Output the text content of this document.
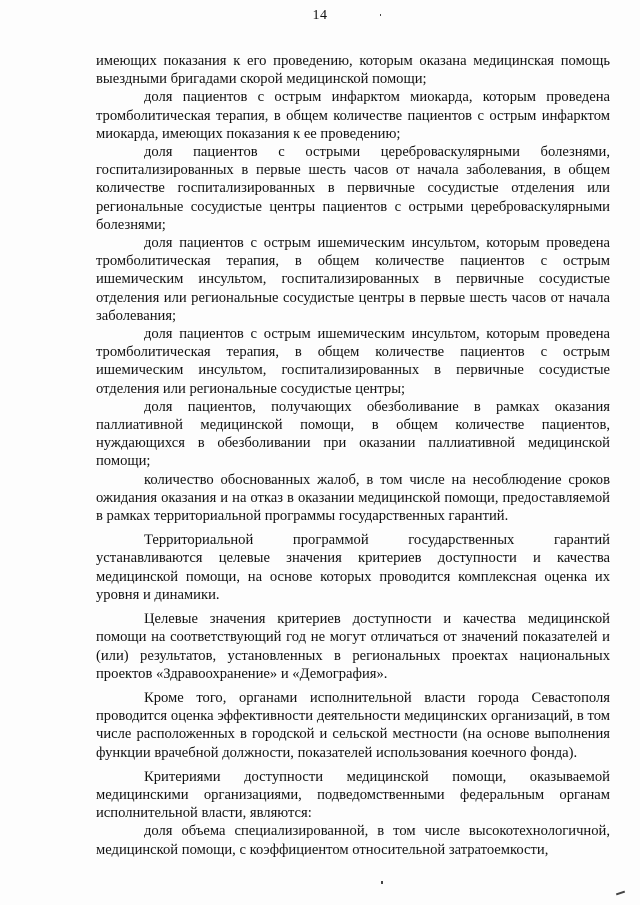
14

имеющих показания к его проведению, которым оказана медицинская помощь выездными бригадами скорой медицинской помощи;

доля пациентов с острым инфарктом миокарда, которым проведена тромболитическая терапия, в общем количестве пациентов с острым инфарктом миокарда, имеющих показания к ее проведению;

доля пациентов с острыми цереброваскулярными болезнями, госпитализированных в первые шесть часов от начала заболевания, в общем количестве госпитализированных в первичные сосудистые отделения или региональные сосудистые центры пациентов с острыми цереброваскулярными болезнями;

доля пациентов с острым ишемическим инсультом, которым проведена тромболитическая терапия, в общем количестве пациентов с острым ишемическим инсультом, госпитализированных в первичные сосудистые отделения или региональные сосудистые центры в первые шесть часов от начала заболевания;

доля пациентов с острым ишемическим инсультом, которым проведена тромболитическая терапия, в общем количестве пациентов с острым ишемическим инсультом, госпитализированных в первичные сосудистые отделения или региональные сосудистые центры;

доля пациентов, получающих обезболивание в рамках оказания паллиативной медицинской помощи, в общем количестве пациентов, нуждающихся в обезболивании при оказании паллиативной медицинской помощи;

количество обоснованных жалоб, в том числе на несоблюдение сроков ожидания оказания и на отказ в оказании медицинской помощи, предоставляемой в рамках территориальной программы государственных гарантий.

Территориальной программой государственных гарантий устанавливаются целевые значения критериев доступности и качества медицинской помощи, на основе которых проводится комплексная оценка их уровня и динамики.

Целевые значения критериев доступности и качества медицинской помощи на соответствующий год не могут отличаться от значений показателей и (или) результатов, установленных в региональных проектах национальных проектов «Здравоохранение» и «Демография».

Кроме того, органами исполнительной власти города Севастополя проводится оценка эффективности деятельности медицинских организаций, в том числе расположенных в городской и сельской местности (на основе выполнения функции врачебной должности, показателей использования коечного фонда).

Критериями доступности медицинской помощи, оказываемой медицинскими организациями, подведомственными федеральным органам исполнительной власти, являются:

доля объема специализированной, в том числе высокотехнологичной, медицинской помощи, с коэффициентом относительной затратоемкости,
